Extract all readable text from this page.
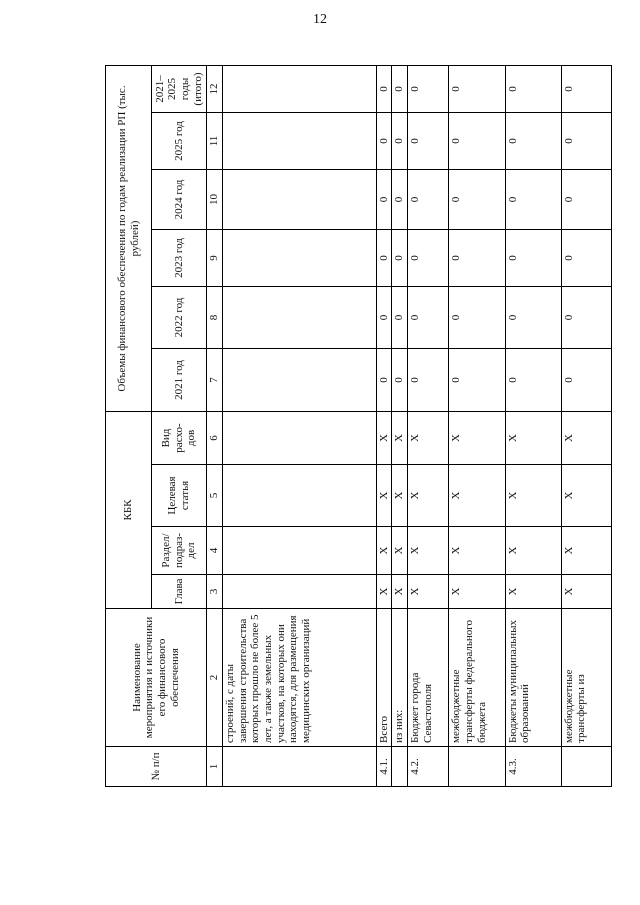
12
№ п/п	Наименование мероприятия и источники его финансового обеспечения	КБК				Объемы финансового обеспечения по годам реализации РП (тыс. рублей)					
		Глава	Раздел/ подраз- дел	Целевая статья	Вид расхо- дов	2021 год	2022 год	2023 год	2024 год	2025 год	2021– 2025 годы (итого)
1	2	3	4	5	6	7	8	9	10	11	12
	строений, с даты завершения строительства которых прошло не более 5 лет, а также земельных участков, на которых они находятся, для размещения медицинских организаций										
4.1.	Всего	Х	Х	Х	Х	0	0	0	0	0	0
	из них:	Х	Х	Х	Х	0	0	0	0	0	0
4.2.	Бюджет города Севастополя	Х	Х	Х	Х	0	0	0	0	0	0
	межбюджетные трансферты федерального бюджета	Х	Х	Х	Х	0	0	0	0	0	0
4.3.	Бюджеты муниципальных образований	Х	Х	Х	Х	0	0	0	0	0	0
	межбюджетные трансферты из	Х	Х	Х	Х	0	0	0	0	0	0
